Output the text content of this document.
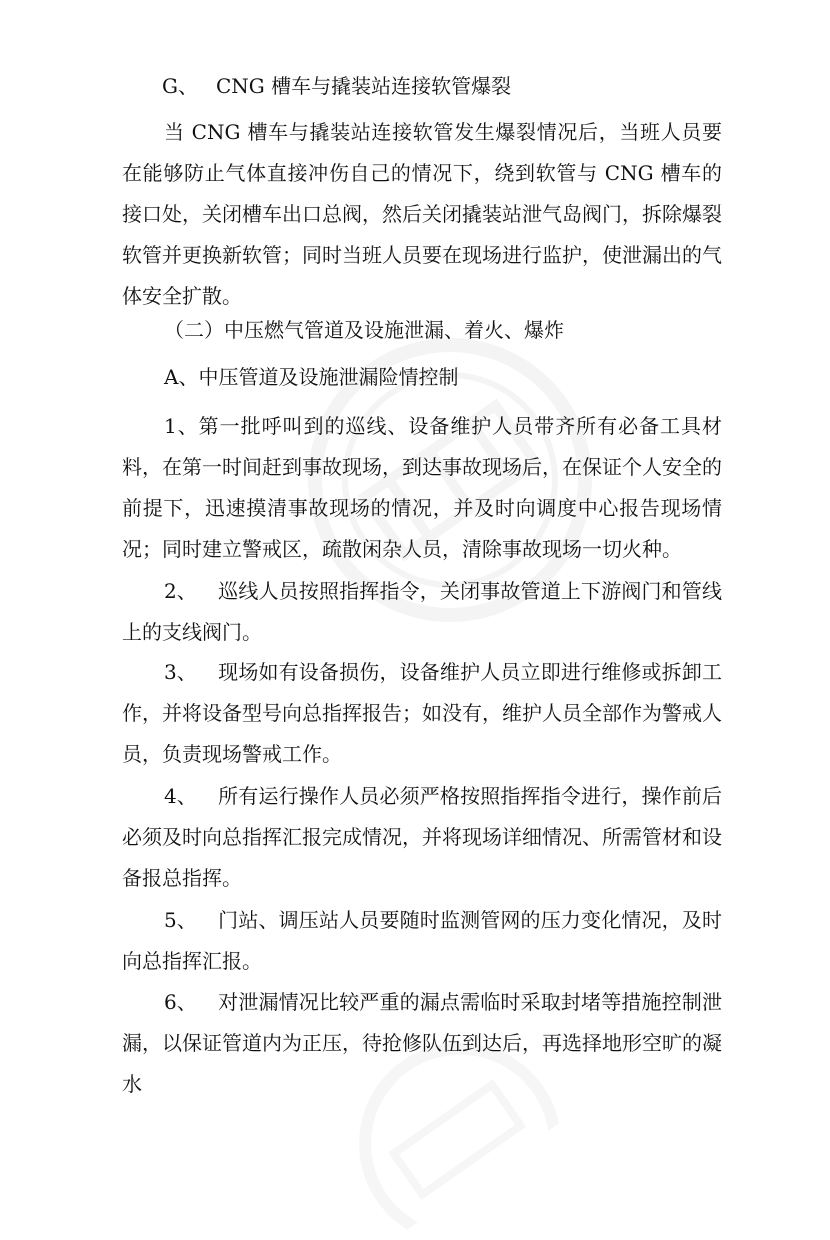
G、 CNG 槽车与撬装站连接软管爆裂

当 CNG 槽车与撬装站连接软管发生爆裂情况后，当班人员要在能够防止气体直接冲伤自己的情况下，绕到软管与 CNG 槽车的接口处，关闭槽车出口总阀，然后关闭撬装站泄气岛阀门，拆除爆裂软管并更换新软管；同时当班人员要在现场进行监护，使泄漏出的气体安全扩散。

（二）中压燃气管道及设施泄漏、着火、爆炸

A、中压管道及设施泄漏险情控制

1、第一批呼叫到的巡线、设备维护人员带齐所有必备工具材料，在第一时间赶到事故现场，到达事故现场后，在保证个人安全的前提下，迅速摸清事故现场的情况，并及时向调度中心报告现场情况；同时建立警戒区，疏散闲杂人员，清除事故现场一切火种。

2、 巡线人员按照指挥指令，关闭事故管道上下游阀门和管线上的支线阀门。

3、 现场如有设备损伤，设备维护人员立即进行维修或拆卸工作，并将设备型号向总指挥报告；如没有，维护人员全部作为警戒人员，负责现场警戒工作。

4、 所有运行操作人员必须严格按照指挥指令进行，操作前后必须及时向总指挥汇报完成情况，并将现场详细情况、所需管材和设备报总指挥。

5、 门站、调压站人员要随时监测管网的压力变化情况，及时向总指挥汇报。

6、 对泄漏情况比较严重的漏点需临时采取封堵等措施控制泄漏，以保证管道内为正压，待抢修队伍到达后，再选择地形空旷的凝水
